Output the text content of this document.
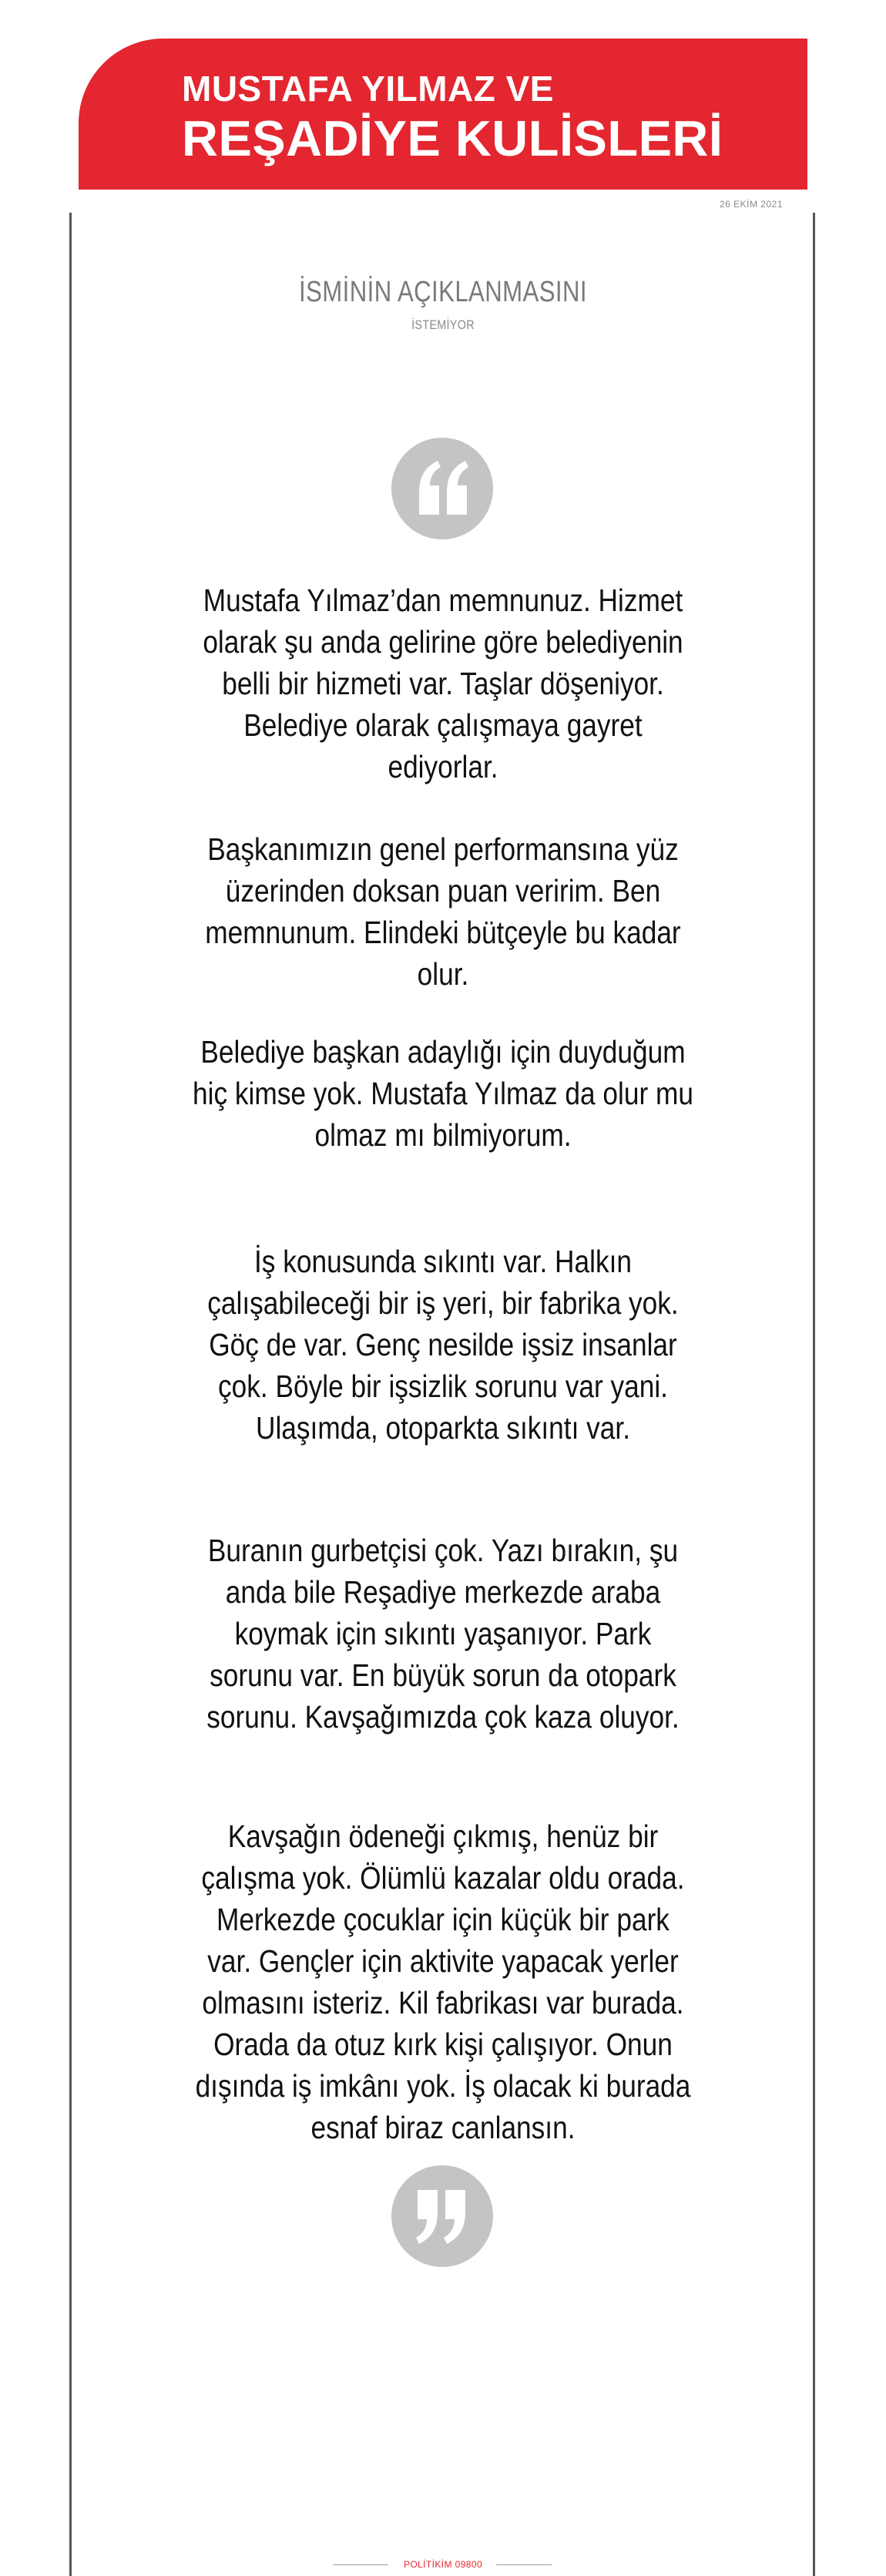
MUSTAFA YILMAZ VE
REŞADİYE KULİSLERİ
26 EKİM 2021
İSMİNİN AÇIKLANMASINI
İSTEMİYOR
Mustafa Yılmaz’dan memnunuz. Hizmet olarak şu anda gelirine göre belediyenin belli bir hizmeti var. Taşlar döşeniyor. Belediye olarak çalışmaya gayret ediyorlar.
Başkanımızın genel performansına yüz üzerinden doksan puan veririm. Ben memnunum. Elindeki bütçeyle bu kadar olur.
Belediye başkan adaylığı için duyduğum hiç kimse yok. Mustafa Yılmaz da olur mu olmaz mı bilmiyorum.
İş konusunda sıkıntı var. Halkın çalışabileceği bir iş yeri, bir fabrika yok. Göç de var. Genç nesilde işsiz insanlar çok. Böyle bir işsizlik sorunu var yani. Ulaşımda, otoparkta sıkıntı var.
Buranın gurbetçisi çok. Yazı bırakın, şu anda bile Reşadiye merkezde araba koymak için sıkıntı yaşanıyor. Park sorunu var. En büyük sorun da otopark sorunu. Kavşağımızda çok kaza oluyor.
Kavşağın ödeneği çıkmış, henüz bir çalışma yok. Ölümlü kazalar oldu orada. Merkezde çocuklar için küçük bir park var. Gençler için aktivite yapacak yerler olmasını isteriz. Kil fabrikası var burada. Orada da otuz kırk kişi çalışıyor. Onun dışında iş imkânı yok. İş olacak ki burada esnaf biraz canlansın.
POLİTİKİM 09800
